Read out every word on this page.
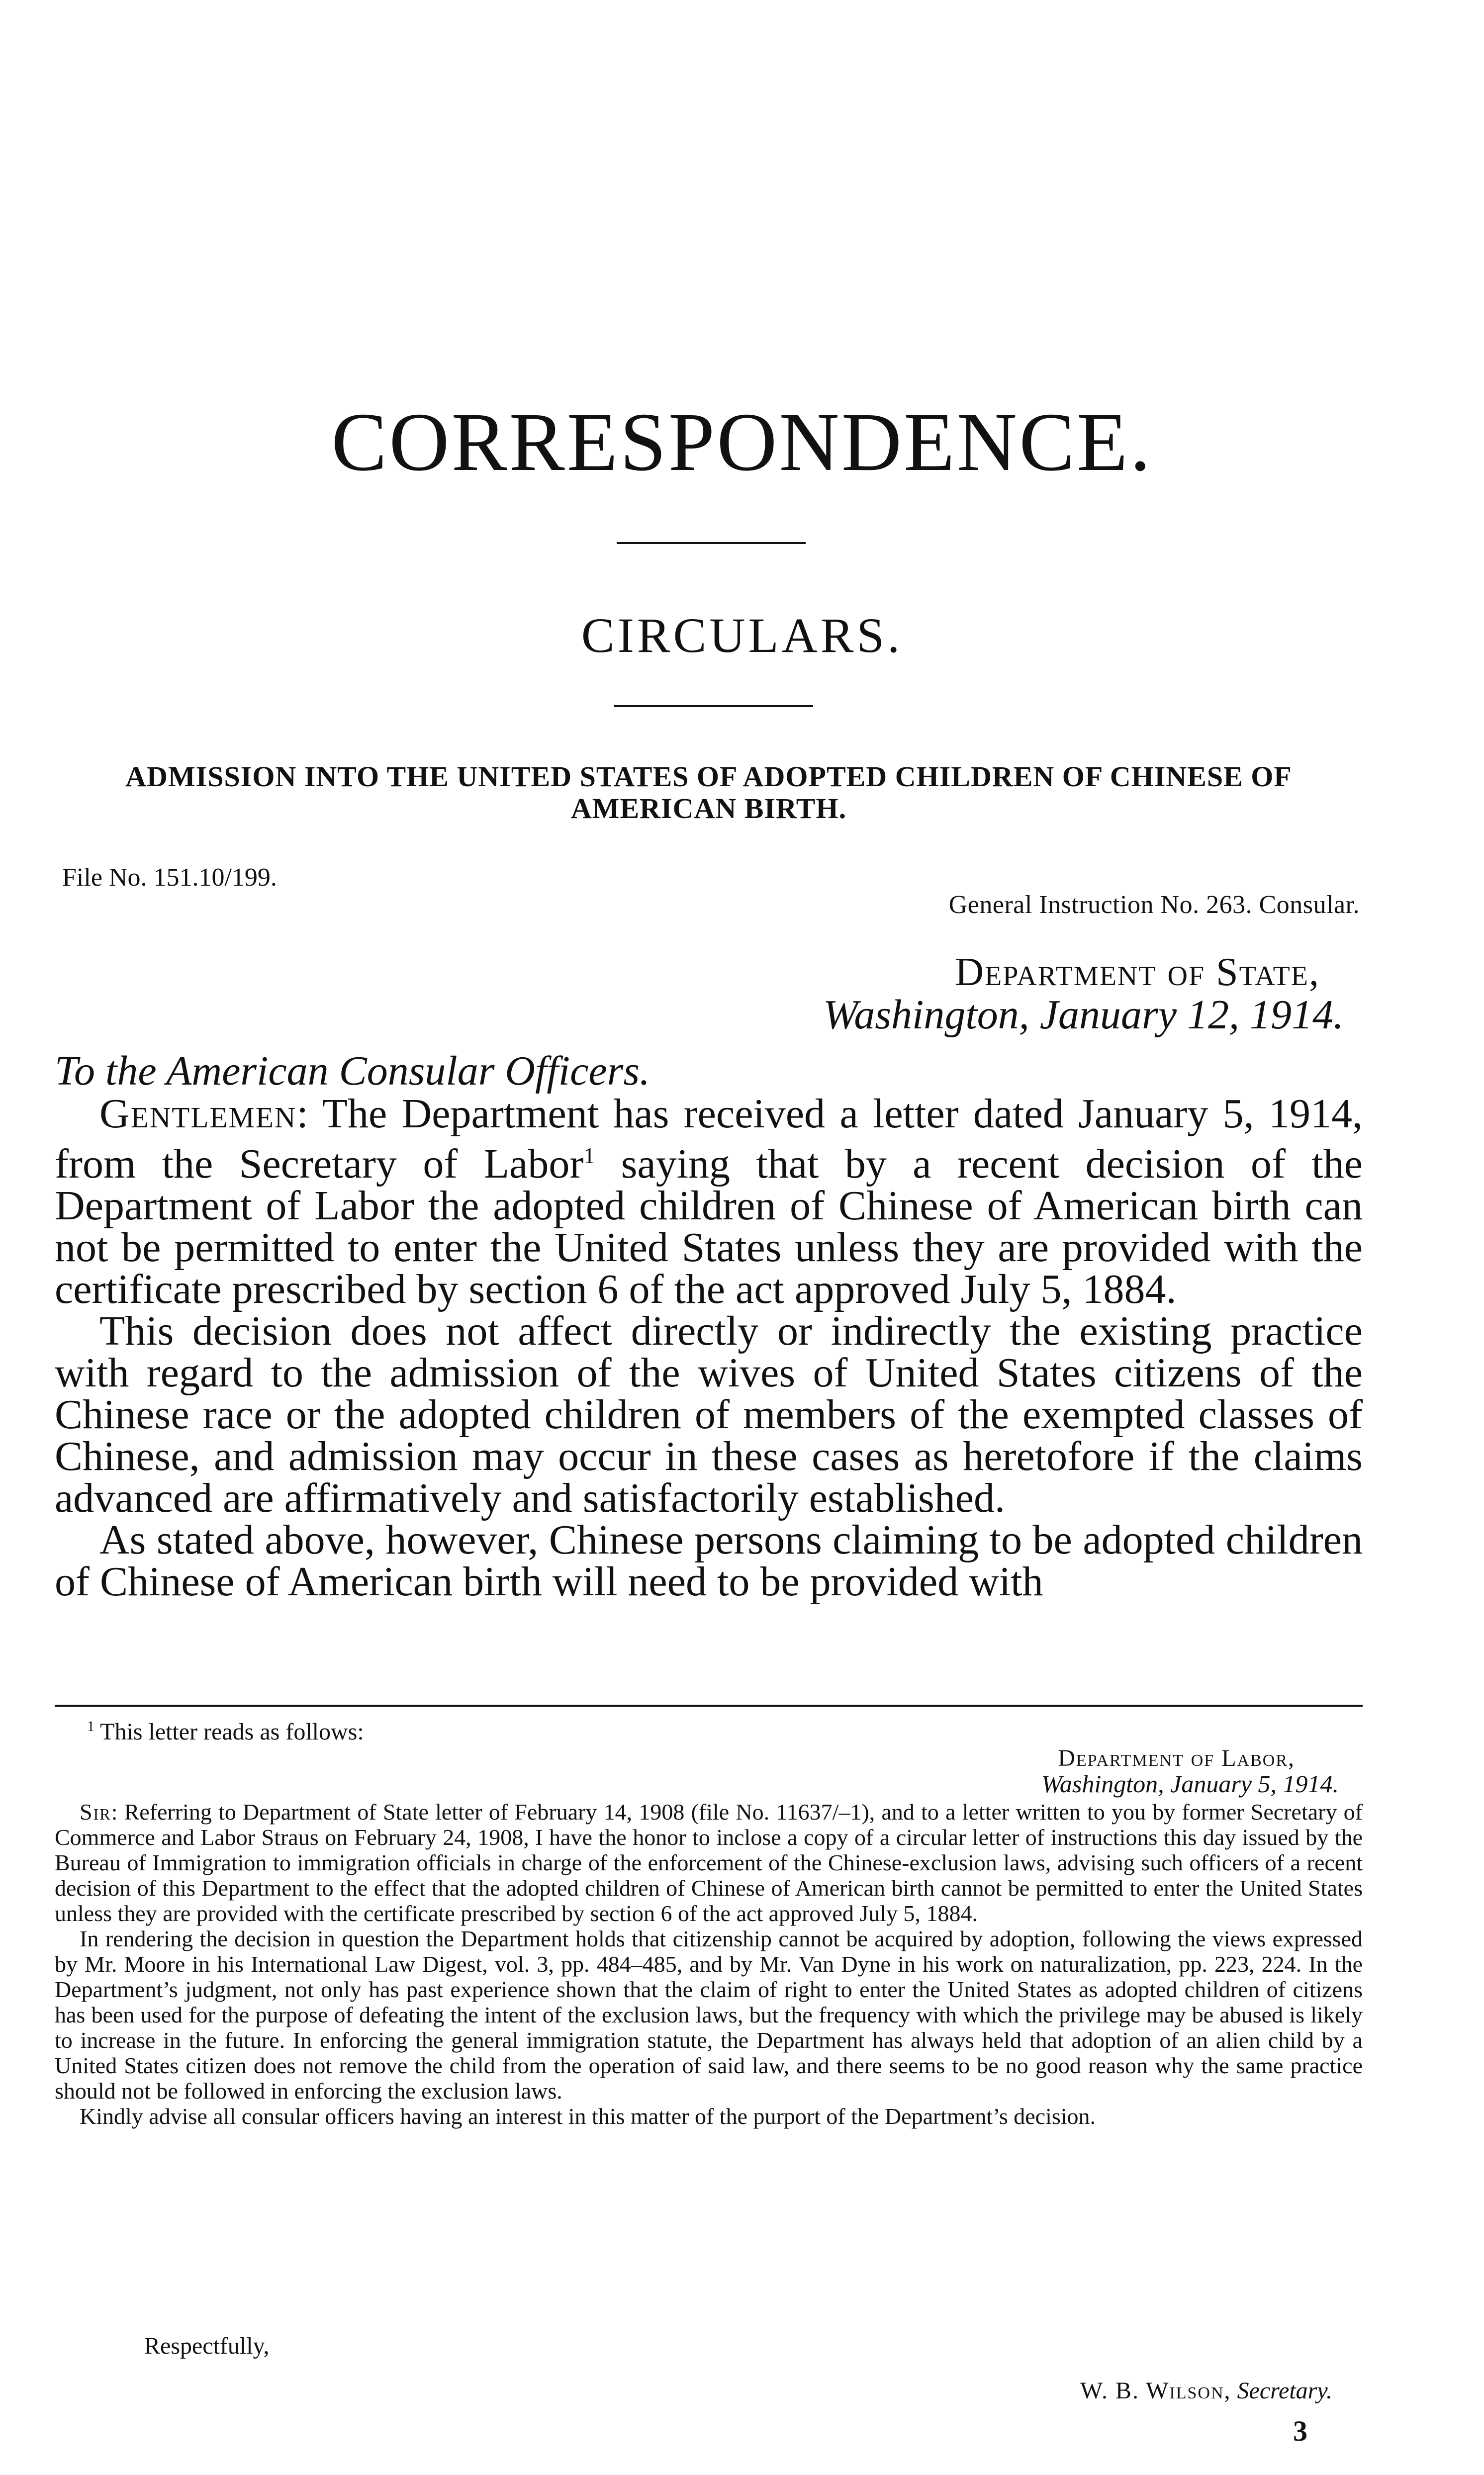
CORRESPONDENCE.
CIRCULARS.
ADMISSION INTO THE UNITED STATES OF ADOPTED CHILDREN OF CHINESE OF AMERICAN BIRTH.
File No. 151.10/199.
General Instruction No. 263. Consular.
Department of State,
Washington, January 12, 1914.
To the American Consular Officers.

Gentlemen: The Department has received a letter dated January 5, 1914, from the Secretary of Labor$^1$ saying that by a recent decision of the Department of Labor the adopted children of Chinese of American birth can not be permitted to enter the United States unless they are provided with the certificate prescribed by section 6 of the act approved July 5, 1884.

This decision does not affect directly or indirectly the existing practice with regard to the admission of the wives of United States citizens of the Chinese race or the adopted children of members of the exempted classes of Chinese, and admission may occur in these cases as heretofore if the claims advanced are affirmatively and satisfactorily established.

As stated above, however, Chinese persons claiming to be adopted children of Chinese of American birth will need to be provided with

$^1$ This letter reads as follows:
Department of Labor,
Washington, January 5, 1914.

Sir: Referring to Department of State letter of February 14, 1908 (file No. 11637/–1), and to a letter written to you by former Secretary of Commerce and Labor Straus on February 24, 1908, I have the honor to inclose a copy of a circular letter of instructions this day issued by the Bureau of Immigration to immigration officials in charge of the enforcement of the Chinese-exclusion laws, advising such officers of a recent decision of this Department to the effect that the adopted children of Chinese of American birth cannot be permitted to enter the United States unless they are provided with the certificate prescribed by section 6 of the act approved July 5, 1884.

In rendering the decision in question the Department holds that citizenship cannot be acquired by adoption, following the views expressed by Mr. Moore in his International Law Digest, vol. 3, pp. 484–485, and by Mr. Van Dyne in his work on naturalization, pp. 223, 224. In the Department’s judgment, not only has past experience shown that the claim of right to enter the United States as adopted children of citizens has been used for the purpose of defeating the intent of the exclusion laws, but the frequency with which the privilege may be abused is likely to increase in the future. In enforcing the general immigration statute, the Department has always held that adoption of an alien child by a United States citizen does not remove the child from the operation of said law, and there seems to be no good reason why the same practice should not be followed in enforcing the exclusion laws.

Kindly advise all consular officers having an interest in this matter of the purport of the Department’s decision.

Respectfully,
W. B. Wilson, Secretary.
3
